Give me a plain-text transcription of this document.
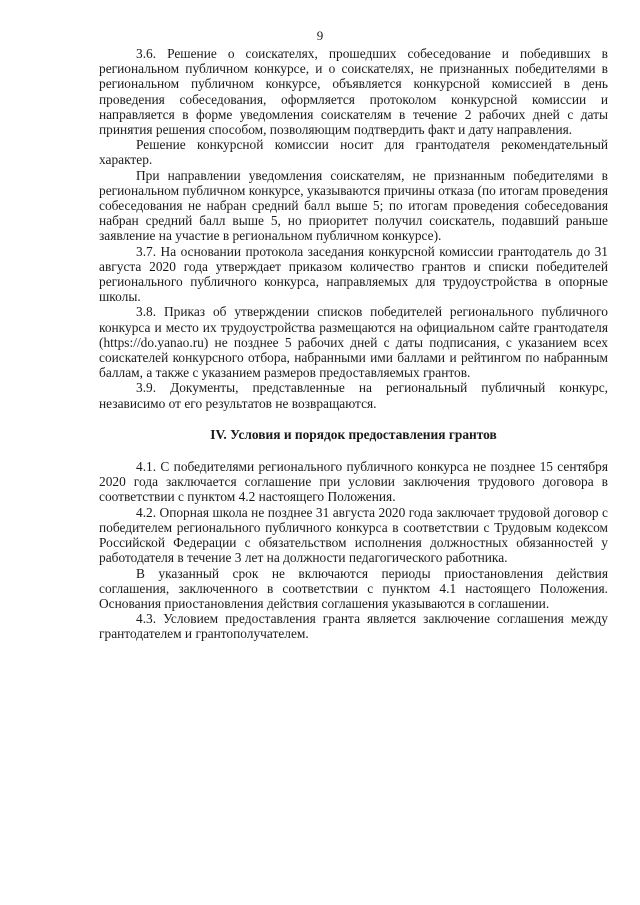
9

3.6. Решение о соискателях, прошедших собеседование и победивших в региональном публичном конкурсе, и о соискателях, не признанных победителями в региональном публичном конкурсе, объявляется конкурсной комиссией в день проведения собеседования, оформляется протоколом конкурсной комиссии и направляется в форме уведомления соискателям в течение 2 рабочих дней с даты принятия решения способом, позволяющим подтвердить факт и дату направления.

Решение конкурсной комиссии носит для грантодателя рекомендательный характер.

При направлении уведомления соискателям, не признанным победителями в региональном публичном конкурсе, указываются причины отказа (по итогам проведения собеседования не набран средний балл выше 5; по итогам проведения собеседования набран средний балл выше 5, но приоритет получил соискатель, подавший раньше заявление на участие в региональном публичном конкурсе).

3.7. На основании протокола заседания конкурсной комиссии грантодатель до 31 августа 2020 года утверждает приказом количество грантов и списки победителей регионального публичного конкурса, направляемых для трудоустройства в опорные школы.

3.8. Приказ об утверждении списков победителей регионального публичного конкурса и место их трудоустройства размещаются на официальном сайте грантодателя (https://do.yanao.ru) не позднее 5 рабочих дней с даты подписания, с указанием всех соискателей конкурсного отбора, набранными ими баллами и рейтингом по набранным баллам, а также с указанием размеров предоставляемых грантов.

3.9. Документы, представленные на региональный публичный конкурс, независимо от его результатов не возвращаются.

IV. Условия и порядок предоставления грантов

4.1. С победителями регионального публичного конкурса не позднее 15 сентября 2020 года заключается соглашение при условии заключения трудового договора в соответствии с пунктом 4.2 настоящего Положения.

4.2. Опорная школа не позднее 31 августа 2020 года заключает трудовой договор с победителем регионального публичного конкурса в соответствии с Трудовым кодексом Российской Федерации с обязательством исполнения должностных обязанностей у работодателя в течение 3 лет на должности педагогического работника.

В указанный срок не включаются периоды приостановления действия соглашения, заключенного в соответствии с пунктом 4.1 настоящего Положения. Основания приостановления действия соглашения указываются в соглашении.

4.3. Условием предоставления гранта является заключение соглашения между грантодателем и грантополучателем.
